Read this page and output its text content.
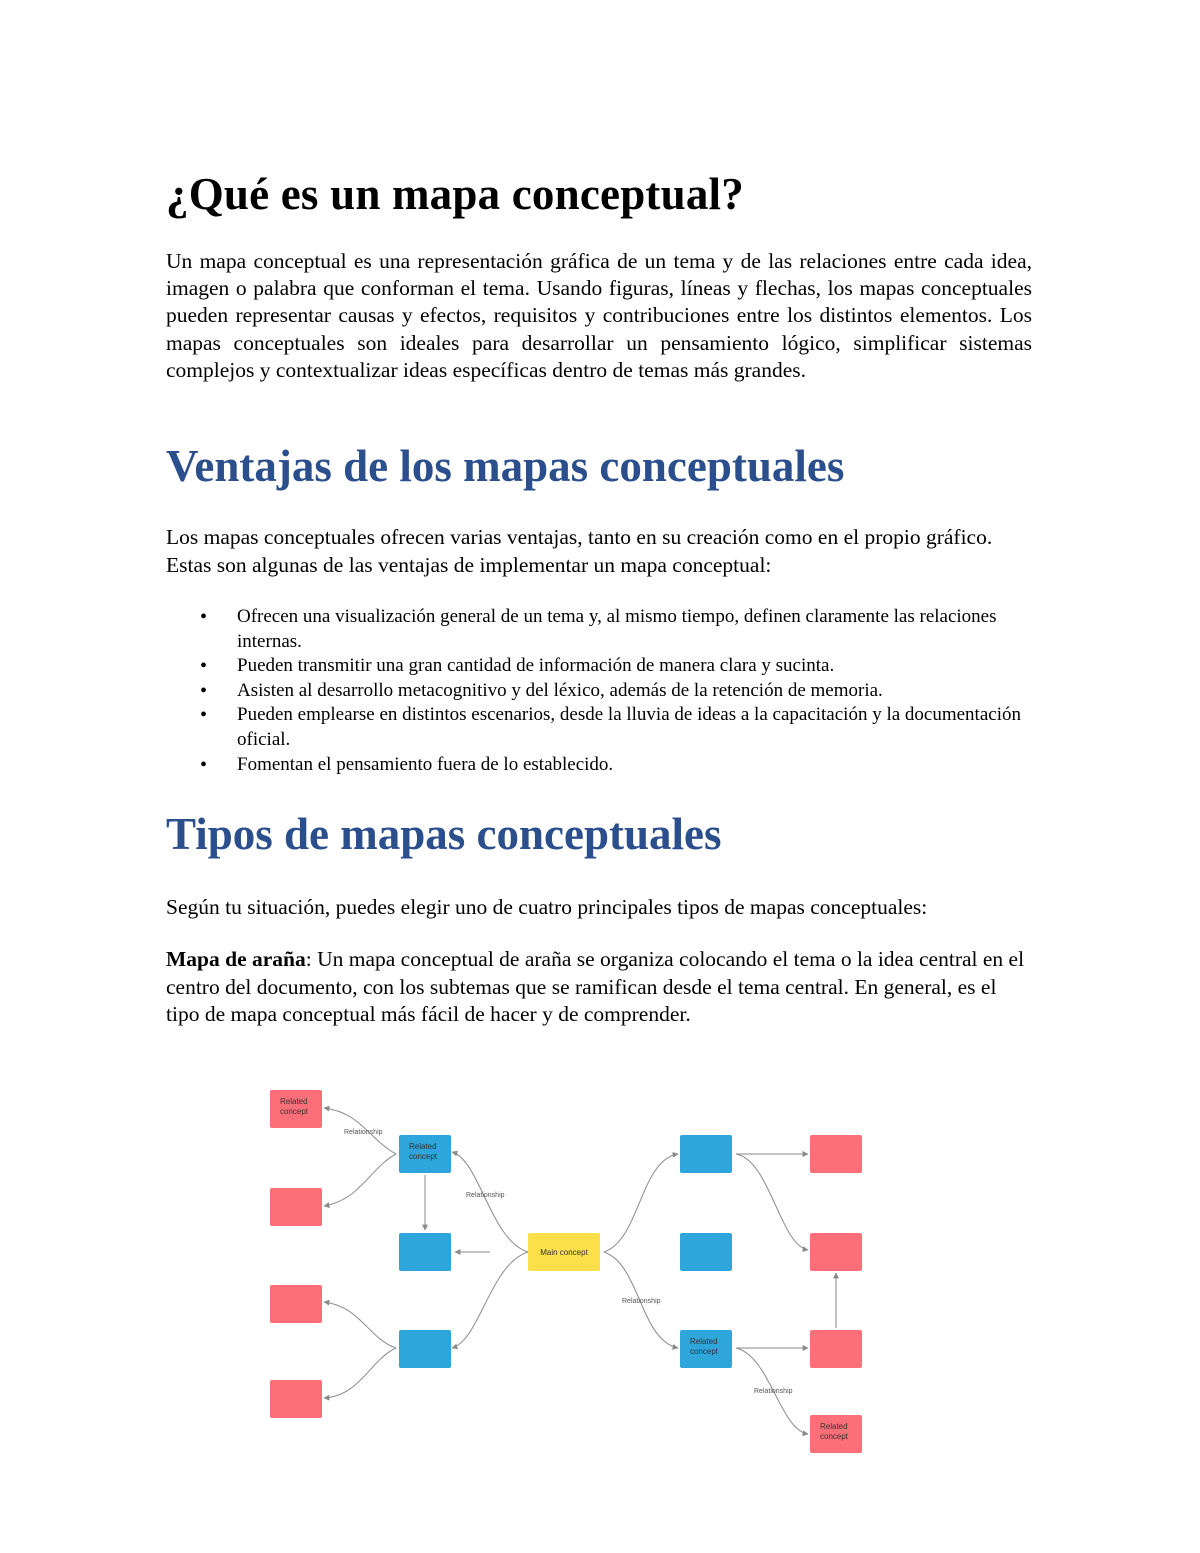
¿Qué es un mapa conceptual?

Un mapa conceptual es una representación gráfica de un tema y de las relaciones entre cada idea, imagen o palabra que conforman el tema. Usando figuras, líneas y flechas, los mapas conceptuales pueden representar causas y efectos, requisitos y contribuciones entre los distintos elementos. Los mapas conceptuales son ideales para desarrollar un pensamiento lógico, simplificar sistemas complejos y contextualizar ideas específicas dentro de temas más grandes.

Ventajas de los mapas conceptuales

Los mapas conceptuales ofrecen varias ventajas, tanto en su creación como en el propio gráfico. Estas son algunas de las ventajas de implementar un mapa conceptual:

• Ofrecen una visualización general de un tema y, al mismo tiempo, definen claramente las relaciones internas.
• Pueden transmitir una gran cantidad de información de manera clara y sucinta.
• Asisten al desarrollo metacognitivo y del léxico, además de la retención de memoria.
• Pueden emplearse en distintos escenarios, desde la lluvia de ideas a la capacitación y la documentación oficial.
• Fomentan el pensamiento fuera de lo establecido.
Tipos de mapas conceptuales

Según tu situación, puedes elegir uno de cuatro principales tipos de mapas conceptuales:

Mapa de araña: Un mapa conceptual de araña se organiza colocando el tema o la idea central en el centro del documento, con los subtemas que se ramifican desde el tema central. En general, es el tipo de mapa conceptual más fácil de hacer y de comprender.

Related concept
Related concept
Main concept
Related concept
Related concept
Relationship
Relationship
Relationship
Relationship
